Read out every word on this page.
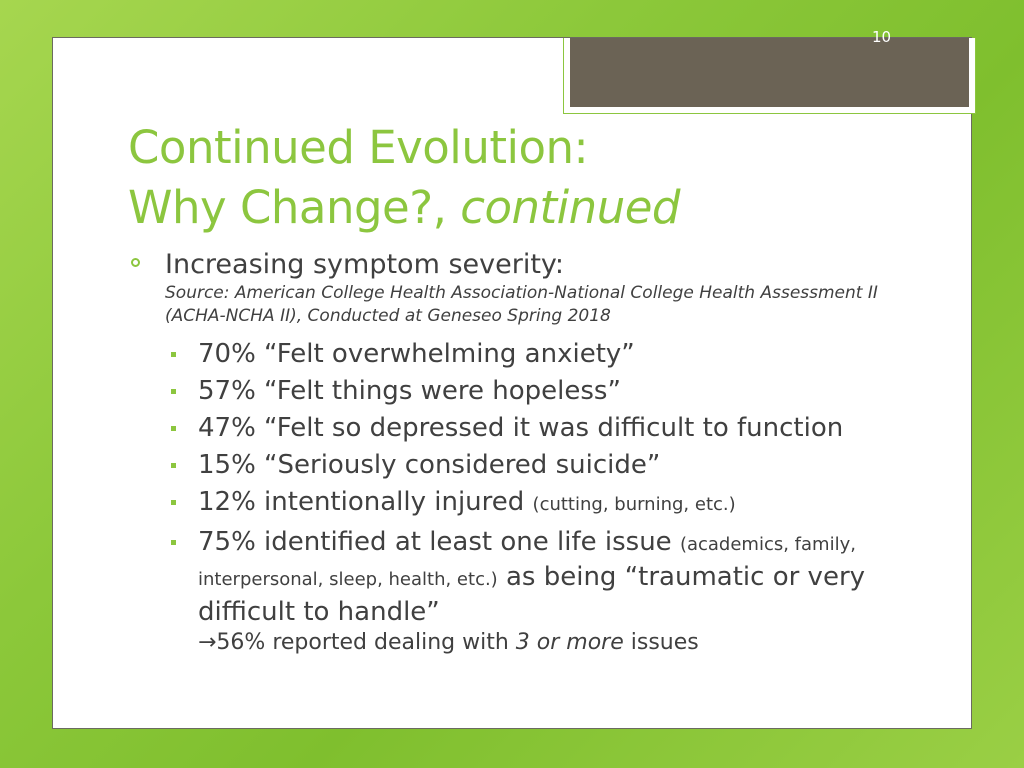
10
Continued Evolution:
Why Change?, continued
Increasing symptom severity:
Source: American College Health Association-National College Health Assessment II (ACHA-NCHA II), Conducted at Geneseo Spring 2018
70% “Felt overwhelming anxiety”
57% “Felt things were hopeless”
47% “Felt so depressed it was difficult to function
15% “Seriously considered suicide”
12% intentionally injured (cutting, burning, etc.)
75% identified at least one life issue (academics, family, interpersonal, sleep, health, etc.) as being “traumatic or very difficult to handle”
→56% reported dealing with 3 or more issues
